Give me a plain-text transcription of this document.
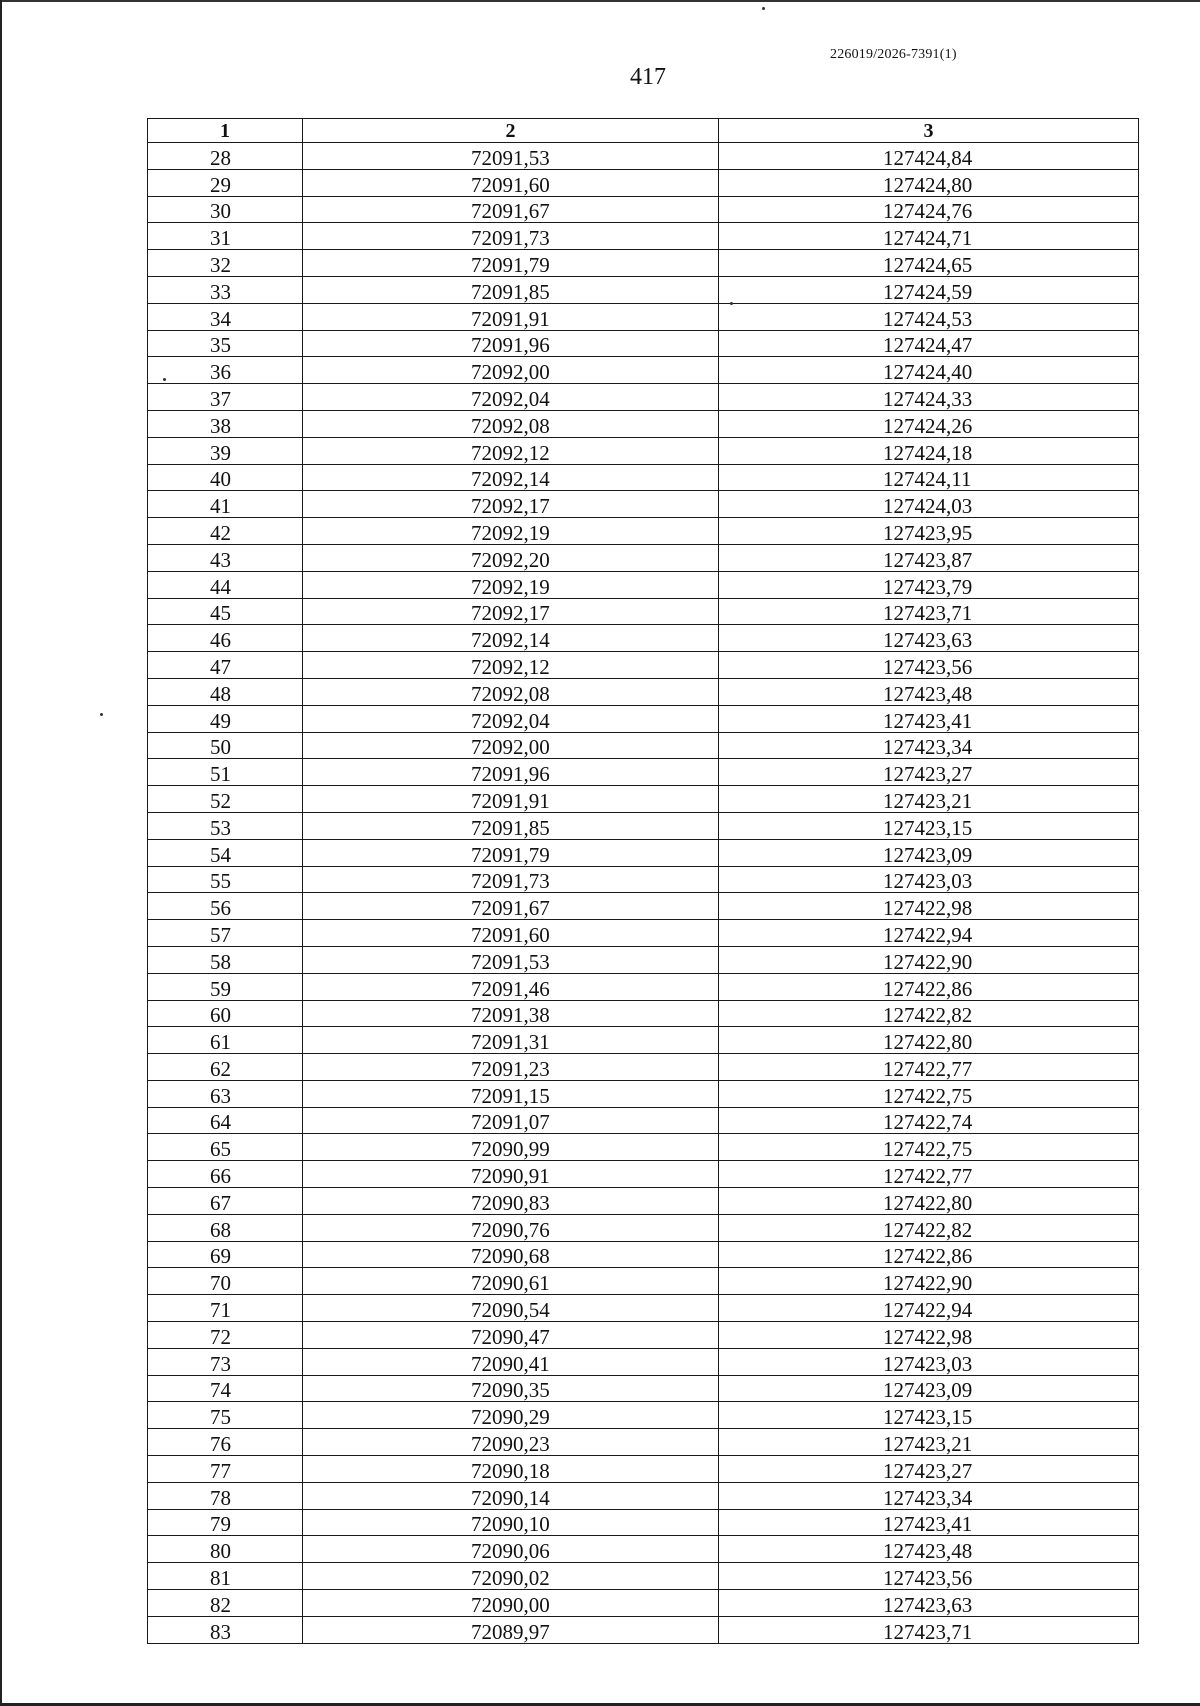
226019/2026-7391(1)
417
1	2	3
28	72091,53	127424,84
29	72091,60	127424,80
30	72091,67	127424,76
31	72091,73	127424,71
32	72091,79	127424,65
33	72091,85	127424,59
34	72091,91	127424,53
35	72091,96	127424,47
36	72092,00	127424,40
37	72092,04	127424,33
38	72092,08	127424,26
39	72092,12	127424,18
40	72092,14	127424,11
41	72092,17	127424,03
42	72092,19	127423,95
43	72092,20	127423,87
44	72092,19	127423,79
45	72092,17	127423,71
46	72092,14	127423,63
47	72092,12	127423,56
48	72092,08	127423,48
49	72092,04	127423,41
50	72092,00	127423,34
51	72091,96	127423,27
52	72091,91	127423,21
53	72091,85	127423,15
54	72091,79	127423,09
55	72091,73	127423,03
56	72091,67	127422,98
57	72091,60	127422,94
58	72091,53	127422,90
59	72091,46	127422,86
60	72091,38	127422,82
61	72091,31	127422,80
62	72091,23	127422,77
63	72091,15	127422,75
64	72091,07	127422,74
65	72090,99	127422,75
66	72090,91	127422,77
67	72090,83	127422,80
68	72090,76	127422,82
69	72090,68	127422,86
70	72090,61	127422,90
71	72090,54	127422,94
72	72090,47	127422,98
73	72090,41	127423,03
74	72090,35	127423,09
75	72090,29	127423,15
76	72090,23	127423,21
77	72090,18	127423,27
78	72090,14	127423,34
79	72090,10	127423,41
80	72090,06	127423,48
81	72090,02	127423,56
82	72090,00	127423,63
83	72089,97	127423,71
